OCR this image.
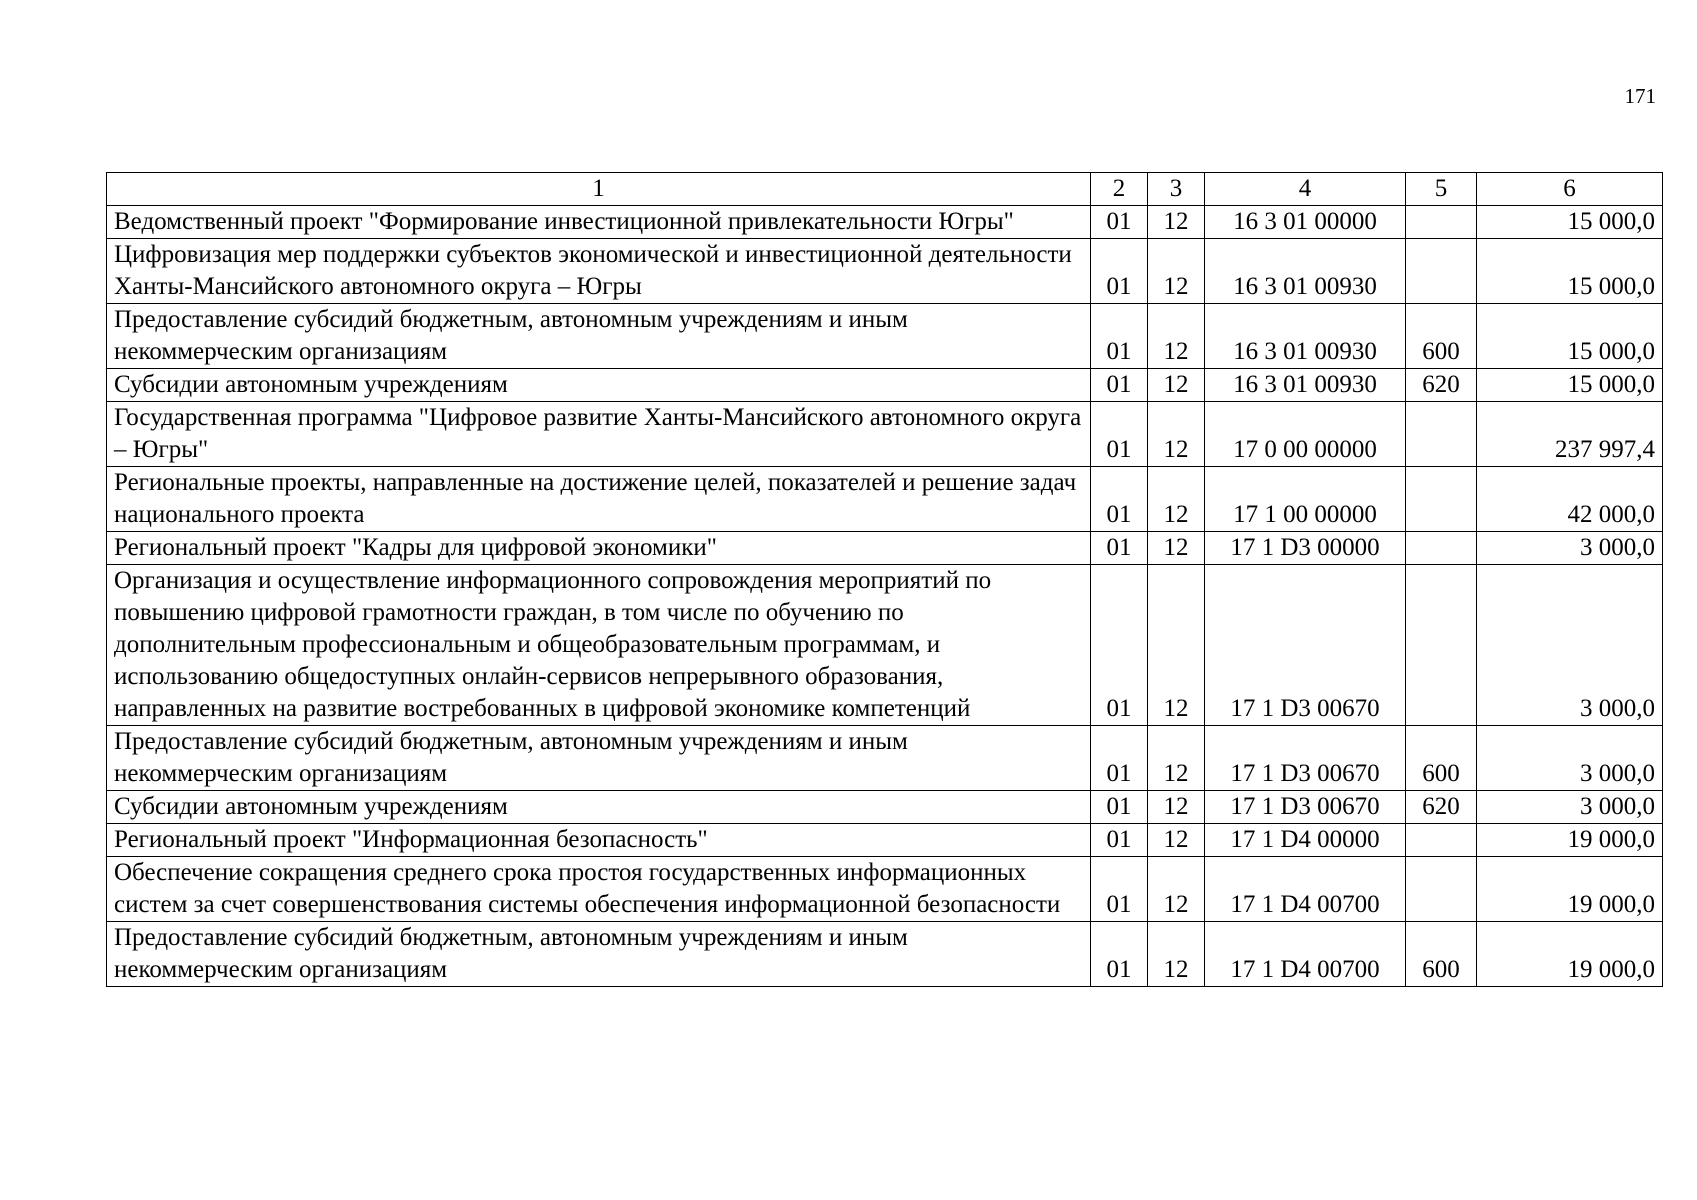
171
1	2	3	4	5	6
Ведомственный проект "Формирование инвестиционной привлекательности Югры"	01	12	16 3 01 00000		15 000,0
Цифровизация мер поддержки субъектов экономической и инвестиционной деятельности Ханты-Мансийского автономного округа – Югры	01	12	16 3 01 00930		15 000,0
Предоставление субсидий бюджетным, автономным учреждениям и иным некоммерческим организациям	01	12	16 3 01 00930	600	15 000,0
Субсидии автономным учреждениям	01	12	16 3 01 00930	620	15 000,0
Государственная программа "Цифровое развитие Ханты-Мансийского автономного округа – Югры"	01	12	17 0 00 00000		237 997,4
Региональные проекты, направленные на достижение целей, показателей и решение задач национального проекта	01	12	17 1 00 00000		42 000,0
Региональный проект "Кадры для цифровой экономики"	01	12	17 1 D3 00000		3 000,0
Организация и осуществление информационного сопровождения мероприятий по повышению цифровой грамотности граждан, в том числе по обучению по дополнительным профессиональным и общеобразовательным программам, и использованию общедоступных онлайн-сервисов непрерывного образования, направленных на развитие востребованных в цифровой экономике компетенций	01	12	17 1 D3 00670		3 000,0
Предоставление субсидий бюджетным, автономным учреждениям и иным некоммерческим организациям	01	12	17 1 D3 00670	600	3 000,0
Субсидии автономным учреждениям	01	12	17 1 D3 00670	620	3 000,0
Региональный проект "Информационная безопасность"	01	12	17 1 D4 00000		19 000,0
Обеспечение сокращения среднего срока простоя государственных информационных систем за счет совершенствования системы обеспечения информационной безопасности	01	12	17 1 D4 00700		19 000,0
Предоставление субсидий бюджетным, автономным учреждениям и иным некоммерческим организациям	01	12	17 1 D4 00700	600	19 000,0
